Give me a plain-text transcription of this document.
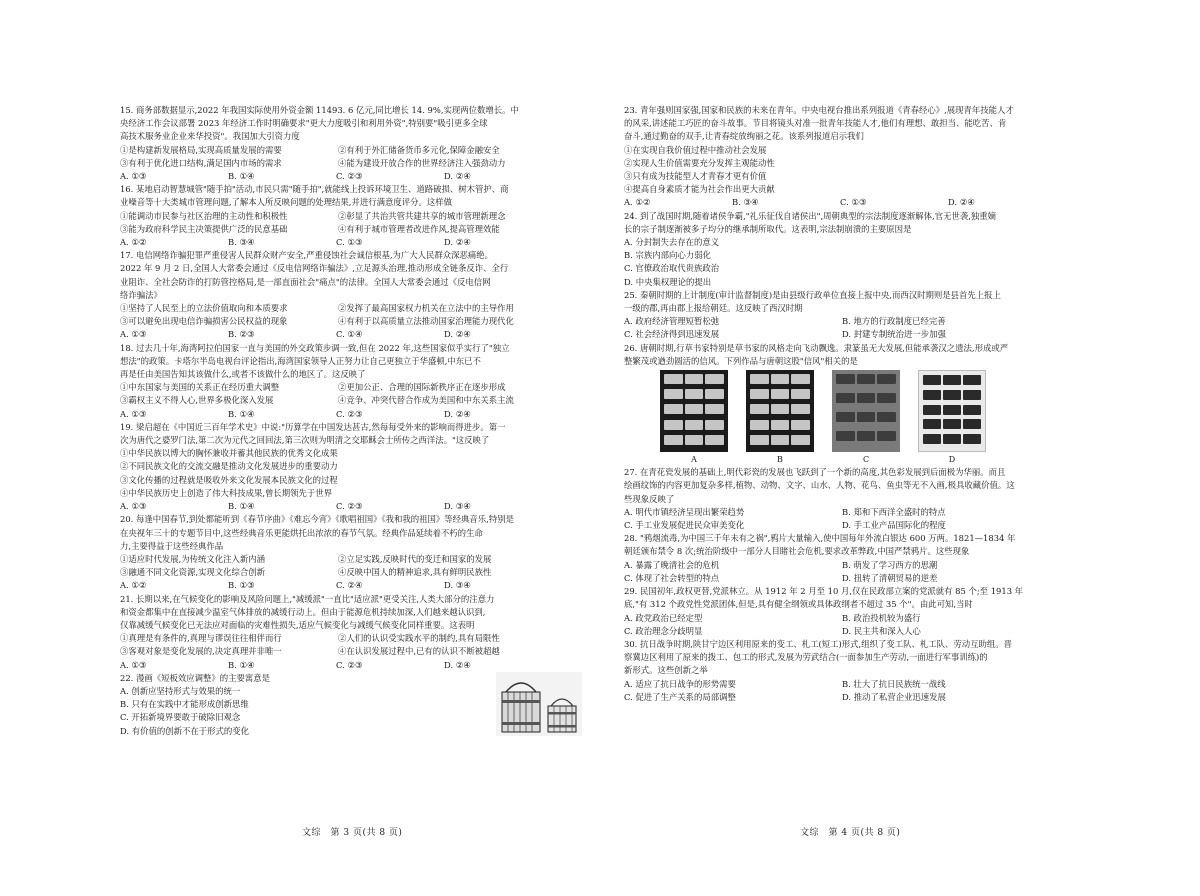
15. 商务部数据显示,2022 年我国实际使用外资金额 11493. 6 亿元,同比增长 14. 9%,实现两位数增长。中

央经济工作会议部署 2023 年经济工作时明确要求"更大力度吸引和利用外资",特别要"吸引更多全球

高技术服务业企业来华投资"。我国加大引资力度

①是构建新发展格局,实现高质量发展的需要	②有利于外汇储备货币多元化,保障金融安全
③有利于优化进口结构,满足国内市场的需求	④能为建设开放合作的世界经济注入强劲动力
A. ①③	B. ①④	C. ②③	D. ②④

16. 某地启动智慧城管"随手拍"活动,市民只需"随手拍",就能线上投诉环境卫生、道路破损、树木管护、商

业噪音等十大类城市管理问题,了解本人所反映问题的处理结果,并进行满意度评分。这样做

①能调动市民参与社区治理的主动性和积极性	②彰显了共治共管共建共享的城市管理新理念
③能为政府科学民主决策提供广泛的民意基础	④有利于城市管理者改进作风,提高管理效能
A. ①②	B. ③④	C. ①③	D. ②④

17. 电信网络诈骗犯罪严重侵害人民群众财产安全,严重侵蚀社会诚信根基,为广大人民群众深恶痛绝。

2022 年 9 月 2 日,全国人大常委会通过《反电信网络诈骗法》,立足源头治理,推动形成全链条反诈、全行

业阻诈、全社会防诈的打防管控格局,是一部直面社会"痛点"的法律。全国人大常委会通过《反电信网

络诈骗法》

①坚持了人民至上的立法价值取向和本质要求	②发挥了最高国家权力机关在立法中的主导作用
③可以避免出现电信诈骗损害公民权益的现象	④有利于以高质量立法推动国家治理能力现代化
A. ①③	B. ②③	C. ①④	D. ②④

18. 过去几十年,海湾阿拉伯国家一直与美国的外交政策步调一致,但在 2022 年,这些国家似乎实行了"独立

想法"的政策。卡塔尔半岛电视台评论指出,海湾国家领导人正努力让自己更独立于华盛顿,中东已不

再是任由美国告知其该做什么,或者不该做什么的地区了。这反映了

①中东国家与美国的关系正在经历重大调整	②更加公正、合理的国际新秩序正在逐步形成
③霸权主义不得人心,世界多极化深入发展	④竞争、冲突代替合作成为美国和中东关系主流
A. ①③	B. ①④	C. ②③	D. ②④

19. 梁启超在《中国近三百年学术史》中说:"历算学在中国发达甚古,然每每受外来的影响而得进步。第一

次为唐代之婆罗门法,第二次为元代之回回法,第三次则为明清之交耶稣会士所传之西洋法。"这反映了

①中华民族以博大的胸怀兼收并蓄其他民族的优秀文化成果
②不同民族文化的交流交融是推动文化发展进步的重要动力
③文化传播的过程就是吸收外来文化发展本民族文化的过程
④中华民族历史上创造了伟大科技成果,曾长期领先于世界
A. ①③	B. ①④	C. ②③	D. ③④

20. 每逢中国春节,到处都能听到《春节序曲》《难忘今宵》《歌唱祖国》《我和我的祖国》等经典音乐,特别是

在央视年三十的专题节目中,这些经典音乐更能烘托出浓浓的春节气氛。经典作品延续着不朽的生命

力,主要得益于这些经典作品

①适应时代发展,为传统文化注入新内涵	②立足实践,反映时代的变迁和国家的发展
③融通不同文化资源,实现文化综合创新	④反映中国人的精神追求,具有鲜明民族性
A. ①②	B. ①③	C. ②④	D. ③④

21. 长期以来,在气候变化的影响及风险问题上,"减缓派"一直比"适应派"更受关注,人类大部分的注意力

和资金都集中在直接减少温室气体排放的减缓行动上。但由于能源危机持续加深,人们越来越认识到,

仅靠减缓气候变化已无法应对面临的灾难性损失,适应气候变化与减缓气候变化同样重要。这表明

①真理是有条件的,真理与谬误往往相伴而行	②人们的认识受实践水平的制约,具有局限性
③客观对象是变化发展的,决定真理并非唯一	④在认识发展过程中,已有的认识不断被超越
A. ①③	B. ①④	C. ②③	D. ②④

22. 漫画《短板效应调整》的主要寓意是

A. 创新应坚持形式与效果的统一
B. 只有在实践中才能形成创新思维
C. 开拓新境界要敢于破除旧观念
D. 有价值的创新不在于形式的变化

23. 青年强则国家强,国家和民族的未来在青年。中央电视台推出系列报道《青春经心》,展现青年技能人才

的风采,讲述能工巧匠的奋斗故事。节目将镜头对准一批青年技能人才,他们有理想、敢担当、能吃苦、肯

奋斗,通过勤奋的双手,让青春绽放绚丽之花。该系列报道启示我们

①在实现自我价值过程中推动社会发展
②实现人生价值需要充分发挥主观能动性
③只有成为技能型人才青春才更有价值
④提高自身素质才能为社会作出更大贡献
A. ①②	B. ③④	C. ①③	D. ②④

24. 到了战国时期,随着诸侯争霸,"礼乐征伐自诸侯出",周朝典型的宗法制度逐渐解体,官无世袭,独重嫡

长的宗子制逐渐被多子均分的继承制所取代。这表明,宗法制崩溃的主要原因是

A. 分封制失去存在的意义
B. 宗族内部向心力弱化
C. 官僚政治取代贵族政治
D. 中央集权理论的提出

25. 秦朝时期的上计制度(审计监督制度)是由县级行政单位直接上报中央,而西汉时期则是县首先上报上

一级的郡,再由郡上报给朝廷。这反映了西汉时期

A. 政府经济管理短暂松弛	B. 地方的行政制度已经完善
C. 社会经济得到迅速发展	D. 封建专制统治进一步加强

26. 唐朝时期,行草书家特别是草书家的风格走向飞动飘逸。隶篆虽无大发展,但能承袭汉之遗法,形成或严

整繁茂或遒劲圆活的信风。下列作品与唐朝这股"信风"相关的是

A	B	C	D

27. 在青花瓷发展的基础上,明代彩瓷的发展也飞跃到了一个新的高度,其色彩发展到后面极为华丽。而且

绘画纹饰的内容更加复杂多样,植物、动物、文字、山水、人物、花鸟、鱼虫等无不入画,极具收藏价值。这

些现象反映了

A. 明代市镇经济呈现出繁荣趋势	B. 郑和下西洋全盛时的特点
C. 手工业发展促进民众审美变化	D. 手工业产品国际化的程度

28. "鸦烟流毒,为中国三千年未有之祸",鸦片大量输入,使中国每年外流白银达 600 万两。1821—1834 年

朝廷颁布禁令 8 次;统治阶级中一部分人目睹社会危机,要求改革弊政,中国严禁鸦片。这些现象

A. 暴露了晚清社会的危机	B. 萌发了学习西方的思潮
C. 体现了社会转型的特点	D. 扭转了清朝贸易的逆差

29. 民国初年,政权更替,党派林立。从 1912 年 2 月至 10 月,仅在民政部立案的党派就有 85 个;至 1913 年

底,"有 312 个政党性党派团体,但是,具有健全纲领或具体政纲者不超过 35 个"。由此可知,当时

A. 政党政治已经定型	B. 政治投机较为盛行
C. 政治理念分歧明显	D. 民主共和深入人心

30. 抗日战争时期,陕甘宁边区利用原来的变工、札工(短工)形式,组织了变工队、札工队、劳动互助组。晋

察冀边区利用了原来的拨工、包工的形式,发展为劳武结合(一面参加生产劳动,一面进行军事训练)的

新形式。这些创新之举

A. 适应了抗日战争的形势需要	B. 壮大了抗日民族统一战线
C. 促进了生产关系的局部调整	D. 推动了私营企业迅速发展
文综　第 3 页(共 8 页)	文综　第 4 页(共 8 页)
